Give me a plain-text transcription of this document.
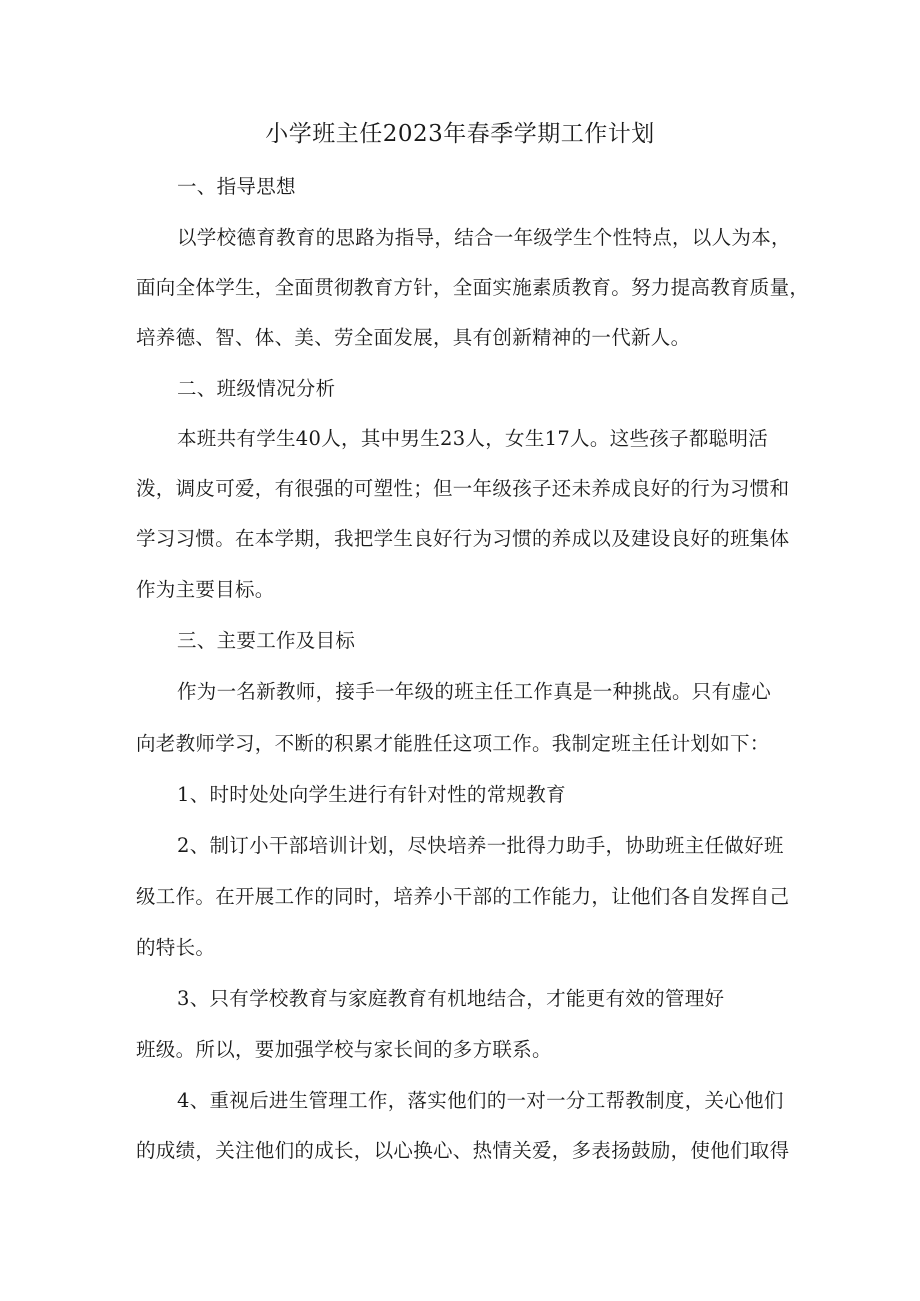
小学班主任2023年春季学期工作计划
一、指导思想
以学校德育教育的思路为指导，结合一年级学生个性特点，以人为本，
面向全体学生，全面贯彻教育方针，全面实施素质教育。努力提高教育质量，
培养德、智、体、美、劳全面发展，具有创新精神的一代新人。
二、班级情况分析
本班共有学生40人，其中男生23人，女生17人。这些孩子都聪明活
泼，调皮可爱，有很强的可塑性；但一年级孩子还未养成良好的行为习惯和
学习习惯。在本学期，我把学生良好行为习惯的养成以及建设良好的班集体
作为主要目标。
三、主要工作及目标
作为一名新教师，接手一年级的班主任工作真是一种挑战。只有虚心
向老教师学习，不断的积累才能胜任这项工作。我制定班主任计划如下：
1、时时处处向学生进行有针对性的常规教育
2、制订小干部培训计划，尽快培养一批得力助手，协助班主任做好班
级工作。在开展工作的同时，培养小干部的工作能力，让他们各自发挥自己
的特长。
3、只有学校教育与家庭教育有机地结合，才能更有效的管理好
班级。所以，要加强学校与家长间的多方联系。
4、重视后进生管理工作，落实他们的一对一分工帮教制度，关心他们
的成绩，关注他们的成长，以心换心、热情关爱，多表扬鼓励，使他们取得
